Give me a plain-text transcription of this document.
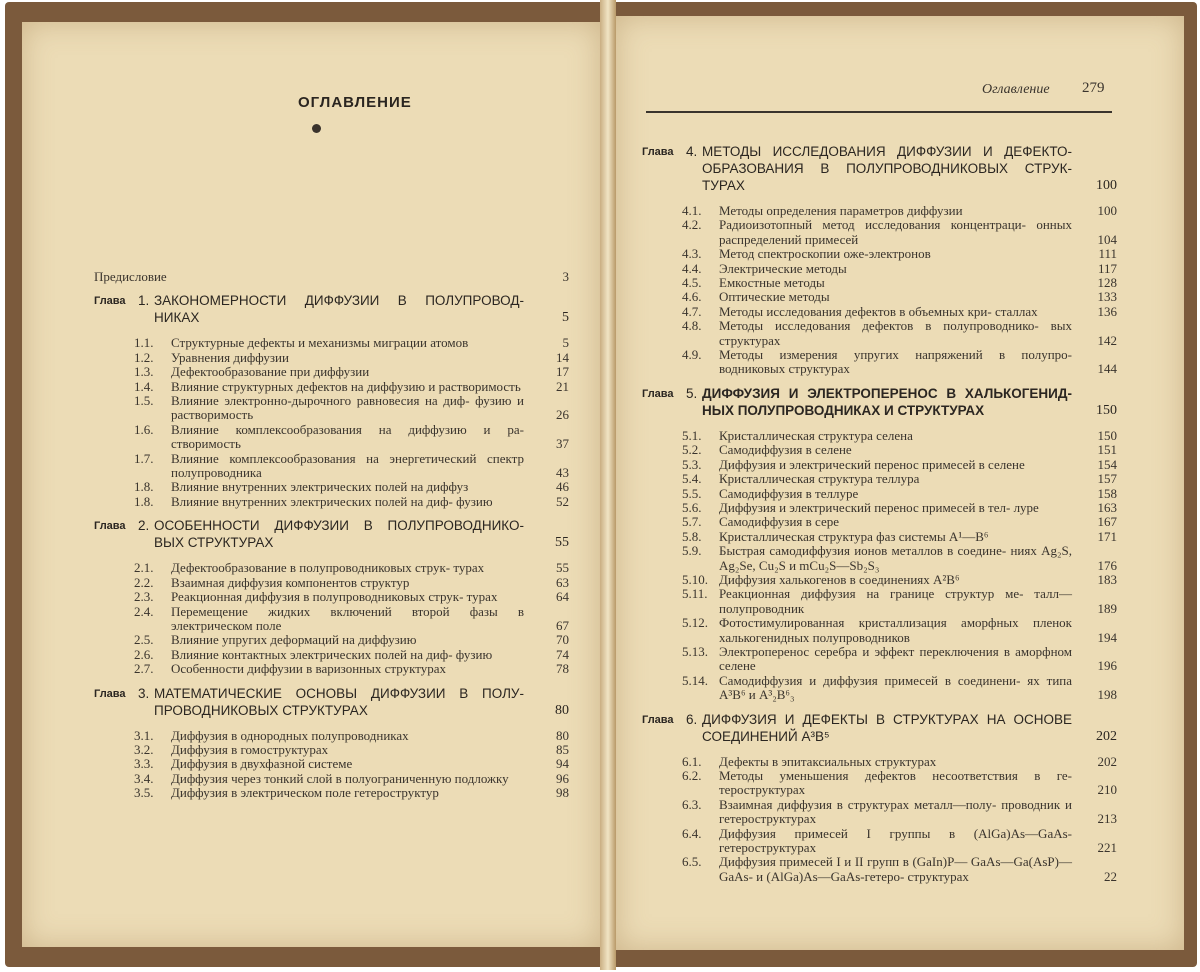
ОГЛАВЛЕНИЕ
Предисловие	3
Глава 1. ЗАКОНОМЕРНОСТИ ДИФФУЗИИ В ПОЛУПРОВОД- НИКАХ	5
1.1.	Структурные дефекты и механизмы миграции атомов	5
1.2.	Уравнения диффузии	14
1.3.	Дефектообразование при диффузии	17
1.4.	Влияние структурных дефектов на диффузию и растворимость	21
1.5.	Влияние электронно-дырочного равновесия на диф- фузию и растворимость	26
1.6.	Влияние комплексообразования на диффузию и ра- створимость	37
1.7.	Влияние комплексообразования на энергетический спектр полупроводника	43
1.8.	Влияние внутренних электрических полей на диффуз	46
1.8.	Влияние внутренних электрических полей на диф- фузию	52
Глава 2. ОСОБЕННОСТИ ДИФФУЗИИ В ПОЛУПРОВОДНИКО- ВЫХ СТРУКТУРАХ	55
2.1.	Дефектообразование в полупроводниковых струк- турах	55
2.2.	Взаимная диффузия компонентов структур	63
2.3.	Реакционная диффузия в полупроводниковых струк- турах	64
2.4.	Перемещение жидких включений второй фазы в электрическом поле	67
2.5.	Влияние упругих деформаций на диффузию	70
2.6.	Влияние контактных электрических полей на диф- фузию	74
2.7.	Особенности диффузии в варизонных структурах	78
Глава 3. МАТЕМАТИЧЕСКИЕ ОСНОВЫ ДИФФУЗИИ В ПОЛУ- ПРОВОДНИКОВЫХ СТРУКТУРАХ	80
3.1.	Диффузия в однородных полупроводниках	80
3.2.	Диффузия в гомоструктурах	85
3.3.	Диффузия в двухфазной системе	94
3.4.	Диффузия через тонкий слой в полуограниченную подложку	96
3.5.	Диффузия в электрическом поле гетероструктур	98
Оглавление 279
Глава 4. МЕТОДЫ ИССЛЕДОВАНИЯ ДИФФУЗИИ И ДЕФЕКТО- ОБРАЗОВАНИЯ В ПОЛУПРОВОДНИКОВЫХ СТРУК- ТУРАХ	100
4.1.	Методы определения параметров диффузии	100
4.2.	Радиоизотопный метод исследования концентраци- онных распределений примесей	104
4.3.	Метод спектроскопии оже-электронов	111
4.4.	Электрические методы	117
4.5.	Емкостные методы	128
4.6.	Оптические методы	133
4.7.	Методы исследования дефектов в объемных кри- сталлах	136
4.8.	Методы исследования дефектов в полупроводнико- вых структурах	142
4.9.	Методы измерения упругих напряжений в полупро- водниковых структурах	144
Глава 5. ДИФФУЗИЯ И ЭЛЕКТРОПЕРЕНОС В ХАЛЬКОГЕНИД- НЫХ ПОЛУПРОВОДНИКАХ И СТРУКТУРАХ	150
5.1.	Кристаллическая структура селена	150
5.2.	Самодиффузия в селене	151
5.3.	Диффузия и электрический перенос примесей в селене	154
5.4.	Кристаллическая структура теллура	157
5.5.	Самодиффузия в теллуре	158
5.6.	Диффузия и электрический перенос примесей в тел- луре	163
5.7.	Самодиффузия в сере	167
5.8.	Кристаллическая структура фаз системы A¹—B⁶	171
5.9.	Быстрая самодиффузия ионов металлов в соедине- ниях Ag₂S, Ag₂Se, Cu₂S и mCu₂S—Sb₂S₃	176
5.10. Диффузия халькогенов в соединениях A²B⁶	183
5.11. Реакционная диффузия на границе структур ме- талл—полупроводник	189
5.12. Фотостимулированная кристаллизация аморфных пленок халькогенидных полупроводников	194
5.13. Электроперенос серебра и эффект переключения в аморфном селене	196
5.14. Самодиффузия и диффузия примесей в соединени- ях типа A³B⁶ и A³₂B⁶₃	198
Глава 6. ДИФФУЗИЯ И ДЕФЕКТЫ В СТРУКТУРАХ НА ОСНОВЕ СОЕДИНЕНИЙ A³B⁵	202
6.1.	Дефекты в эпитаксиальных структурах	202
6.2.	Методы уменьшения дефектов несоответствия в ге- тероструктурах	210
6.3.	Взаимная диффузия в структурах металл—полу- проводник и гетероструктурах	213
6.4.	Диффузия примесей I группы в (AlGa)As—GaAs- гетероструктурах	221
6.5.	Диффузия примесей I и II групп в (GaIn)P— GaAs—Ga(AsP)—GaAs- и (AlGa)As—GaAs-гетеро- структурах	22
